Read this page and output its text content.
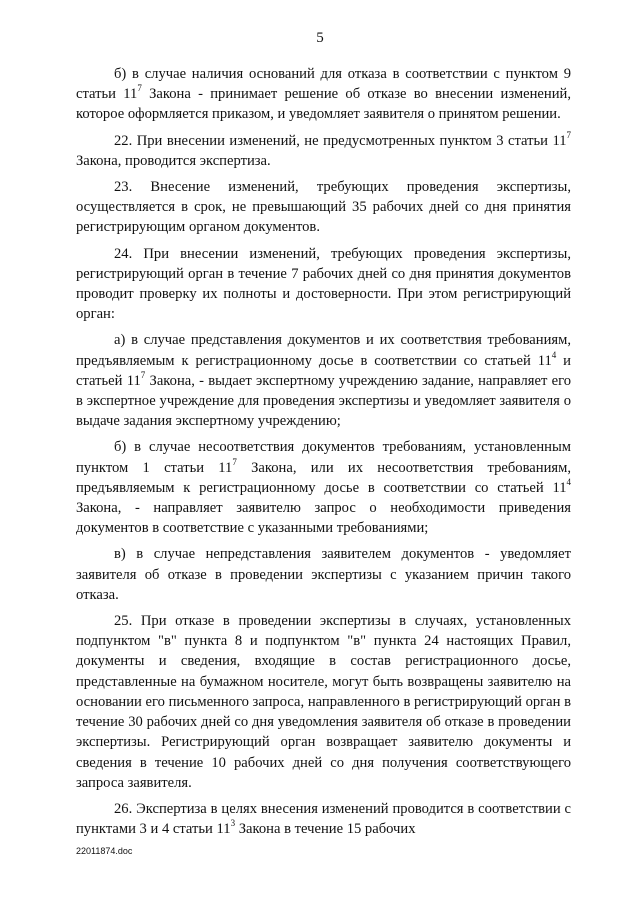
5

б) в случае наличия оснований для отказа в соответствии с пунктом 9 статьи $11^7$ Закона - принимает решение об отказе во внесении изменений, которое оформляется приказом, и уведомляет заявителя о принятом решении.

22. При внесении изменений, не предусмотренных пунктом 3 статьи $11^7$ Закона, проводится экспертиза.

23. Внесение изменений, требующих проведения экспертизы, осуществляется в срок, не превышающий 35 рабочих дней со дня принятия регистрирующим органом документов.

24. При внесении изменений, требующих проведения экспертизы, регистрирующий орган в течение 7 рабочих дней со дня принятия документов проводит проверку их полноты и достоверности. При этом регистрирующий орган:

а) в случае представления документов и их соответствия требованиям, предъявляемым к регистрационному досье в соответствии со статьей $11^4$ и статьей $11^7$ Закона, - выдает экспертному учреждению задание, направляет его в экспертное учреждение для проведения экспертизы и уведомляет заявителя о выдаче задания экспертному учреждению;

б) в случае несоответствия документов требованиям, установленным пунктом 1 статьи $11^7$ Закона, или их несоответствия требованиям, предъявляемым к регистрационному досье в соответствии со статьей $11^4$ Закона, - направляет заявителю запрос о необходимости приведения документов в соответствие с указанными требованиями;

в) в случае непредставления заявителем документов - уведомляет заявителя об отказе в проведении экспертизы с указанием причин такого отказа.

25. При отказе в проведении экспертизы в случаях, установленных подпунктом "в" пункта 8 и подпунктом "в" пункта 24 настоящих Правил, документы и сведения, входящие в состав регистрационного досье, представленные на бумажном носителе, могут быть возвращены заявителю на основании его письменного запроса, направленного в регистрирующий орган в течение 30 рабочих дней со дня уведомления заявителя об отказе в проведении экспертизы. Регистрирующий орган возвращает заявителю документы и сведения в течение 10 рабочих дней со дня получения соответствующего запроса заявителя.

26. Экспертиза в целях внесения изменений проводится в соответствии с пунктами 3 и 4 статьи $11^3$ Закона в течение 15 рабочих

22011874.doc
